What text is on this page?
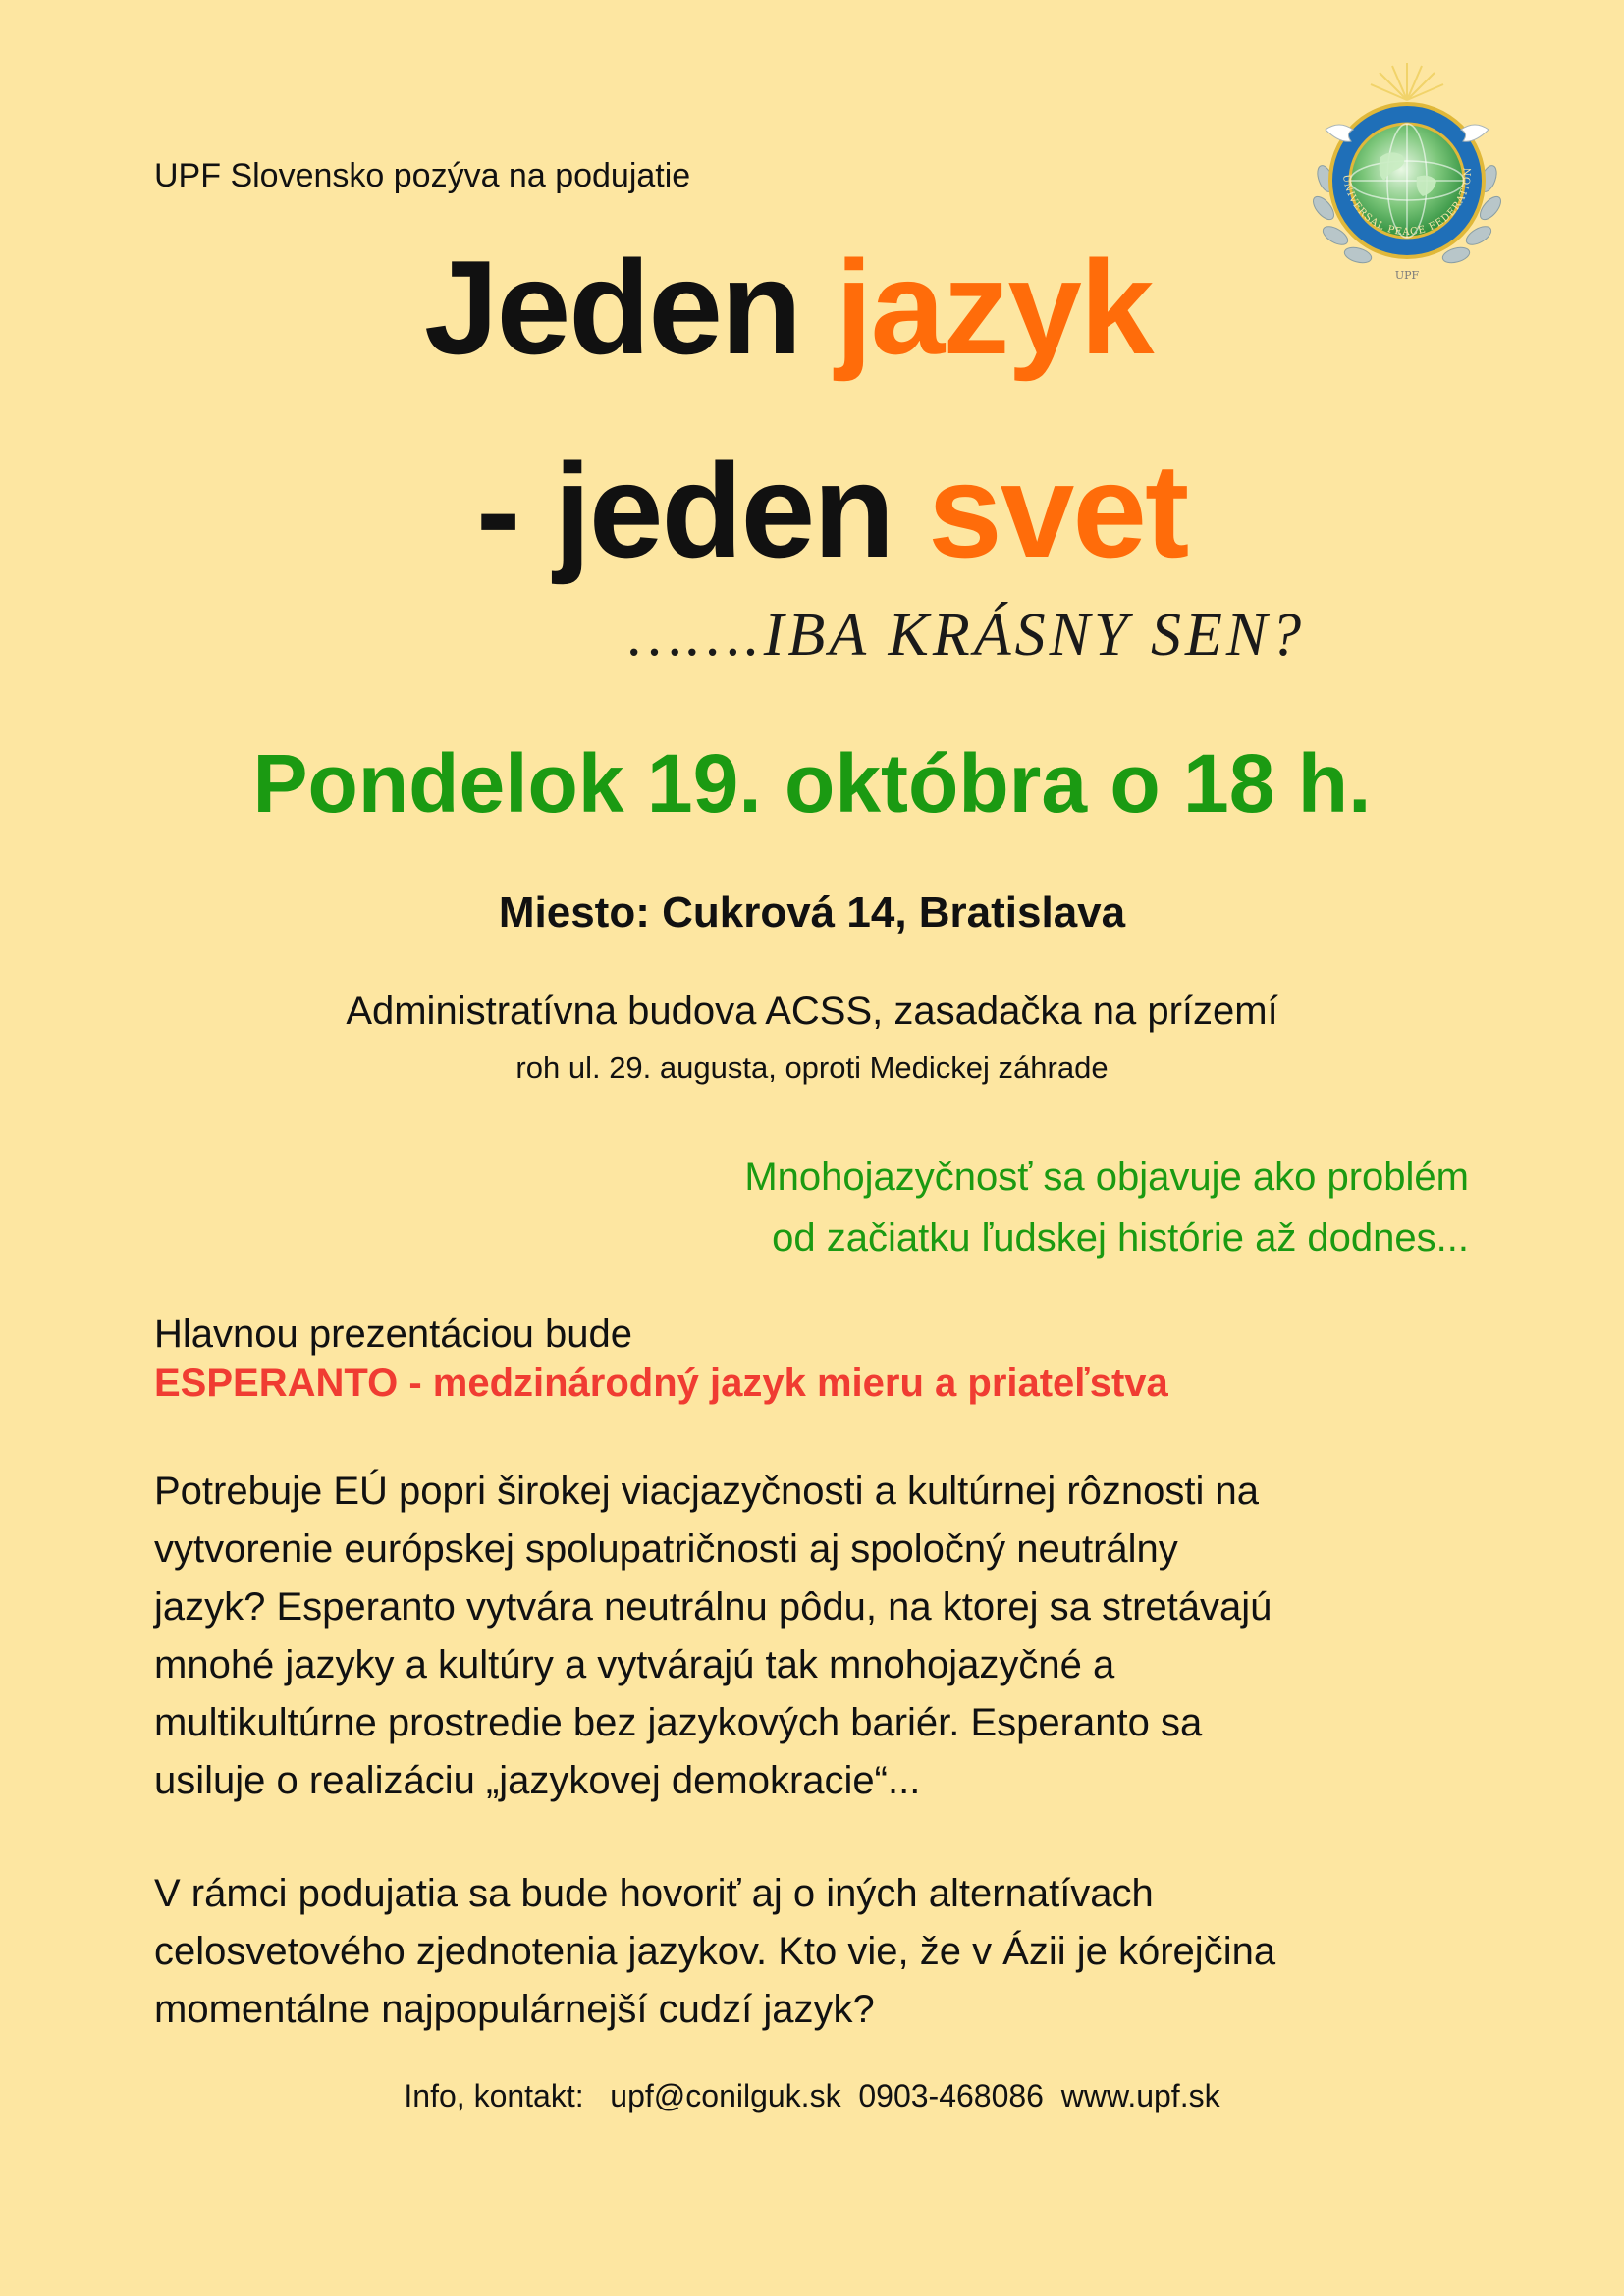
UPF Slovensko pozýva na podujatie	UNIVERSAL PEACE FEDERATION
UPF
Jeden jazyk
- jeden svet
…….IBA KRÁSNY SEN?
Pondelok 19. októbra o 18 h.
Miesto: Cukrová 14, Bratislava
Administratívna budova ACSS, zasadačka na prízemí
roh ul. 29. augusta, oproti Medickej záhrade
Mnohojazyčnosť sa objavuje ako problém
od začiatku ľudskej histórie až dodnes...
Hlavnou prezentáciou bude
ESPERANTO - medzinárodný jazyk mieru a priateľstva
Potrebuje EÚ popri širokej viacjazyčnosti a kultúrnej rôznosti na
vytvorenie európskej spolupatričnosti aj spoločný neutrálny
jazyk? Esperanto vytvára neutrálnu pôdu, na ktorej sa stretávajú
mnohé jazyky a kultúry a vytvárajú tak mnohojazyčné a
multikultúrne prostredie bez jazykových bariér. Esperanto sa
usiluje o realizáciu „jazykovej demokracie“...
V rámci podujatia sa bude hovoriť aj o iných alternatívach
celosvetového zjednotenia jazykov. Kto vie, že v Ázii je kórejčina
momentálne najpopulárnejší cudzí jazyk?
Info, kontakt:   upf@conilguk.sk  0903-468086  www.upf.sk
